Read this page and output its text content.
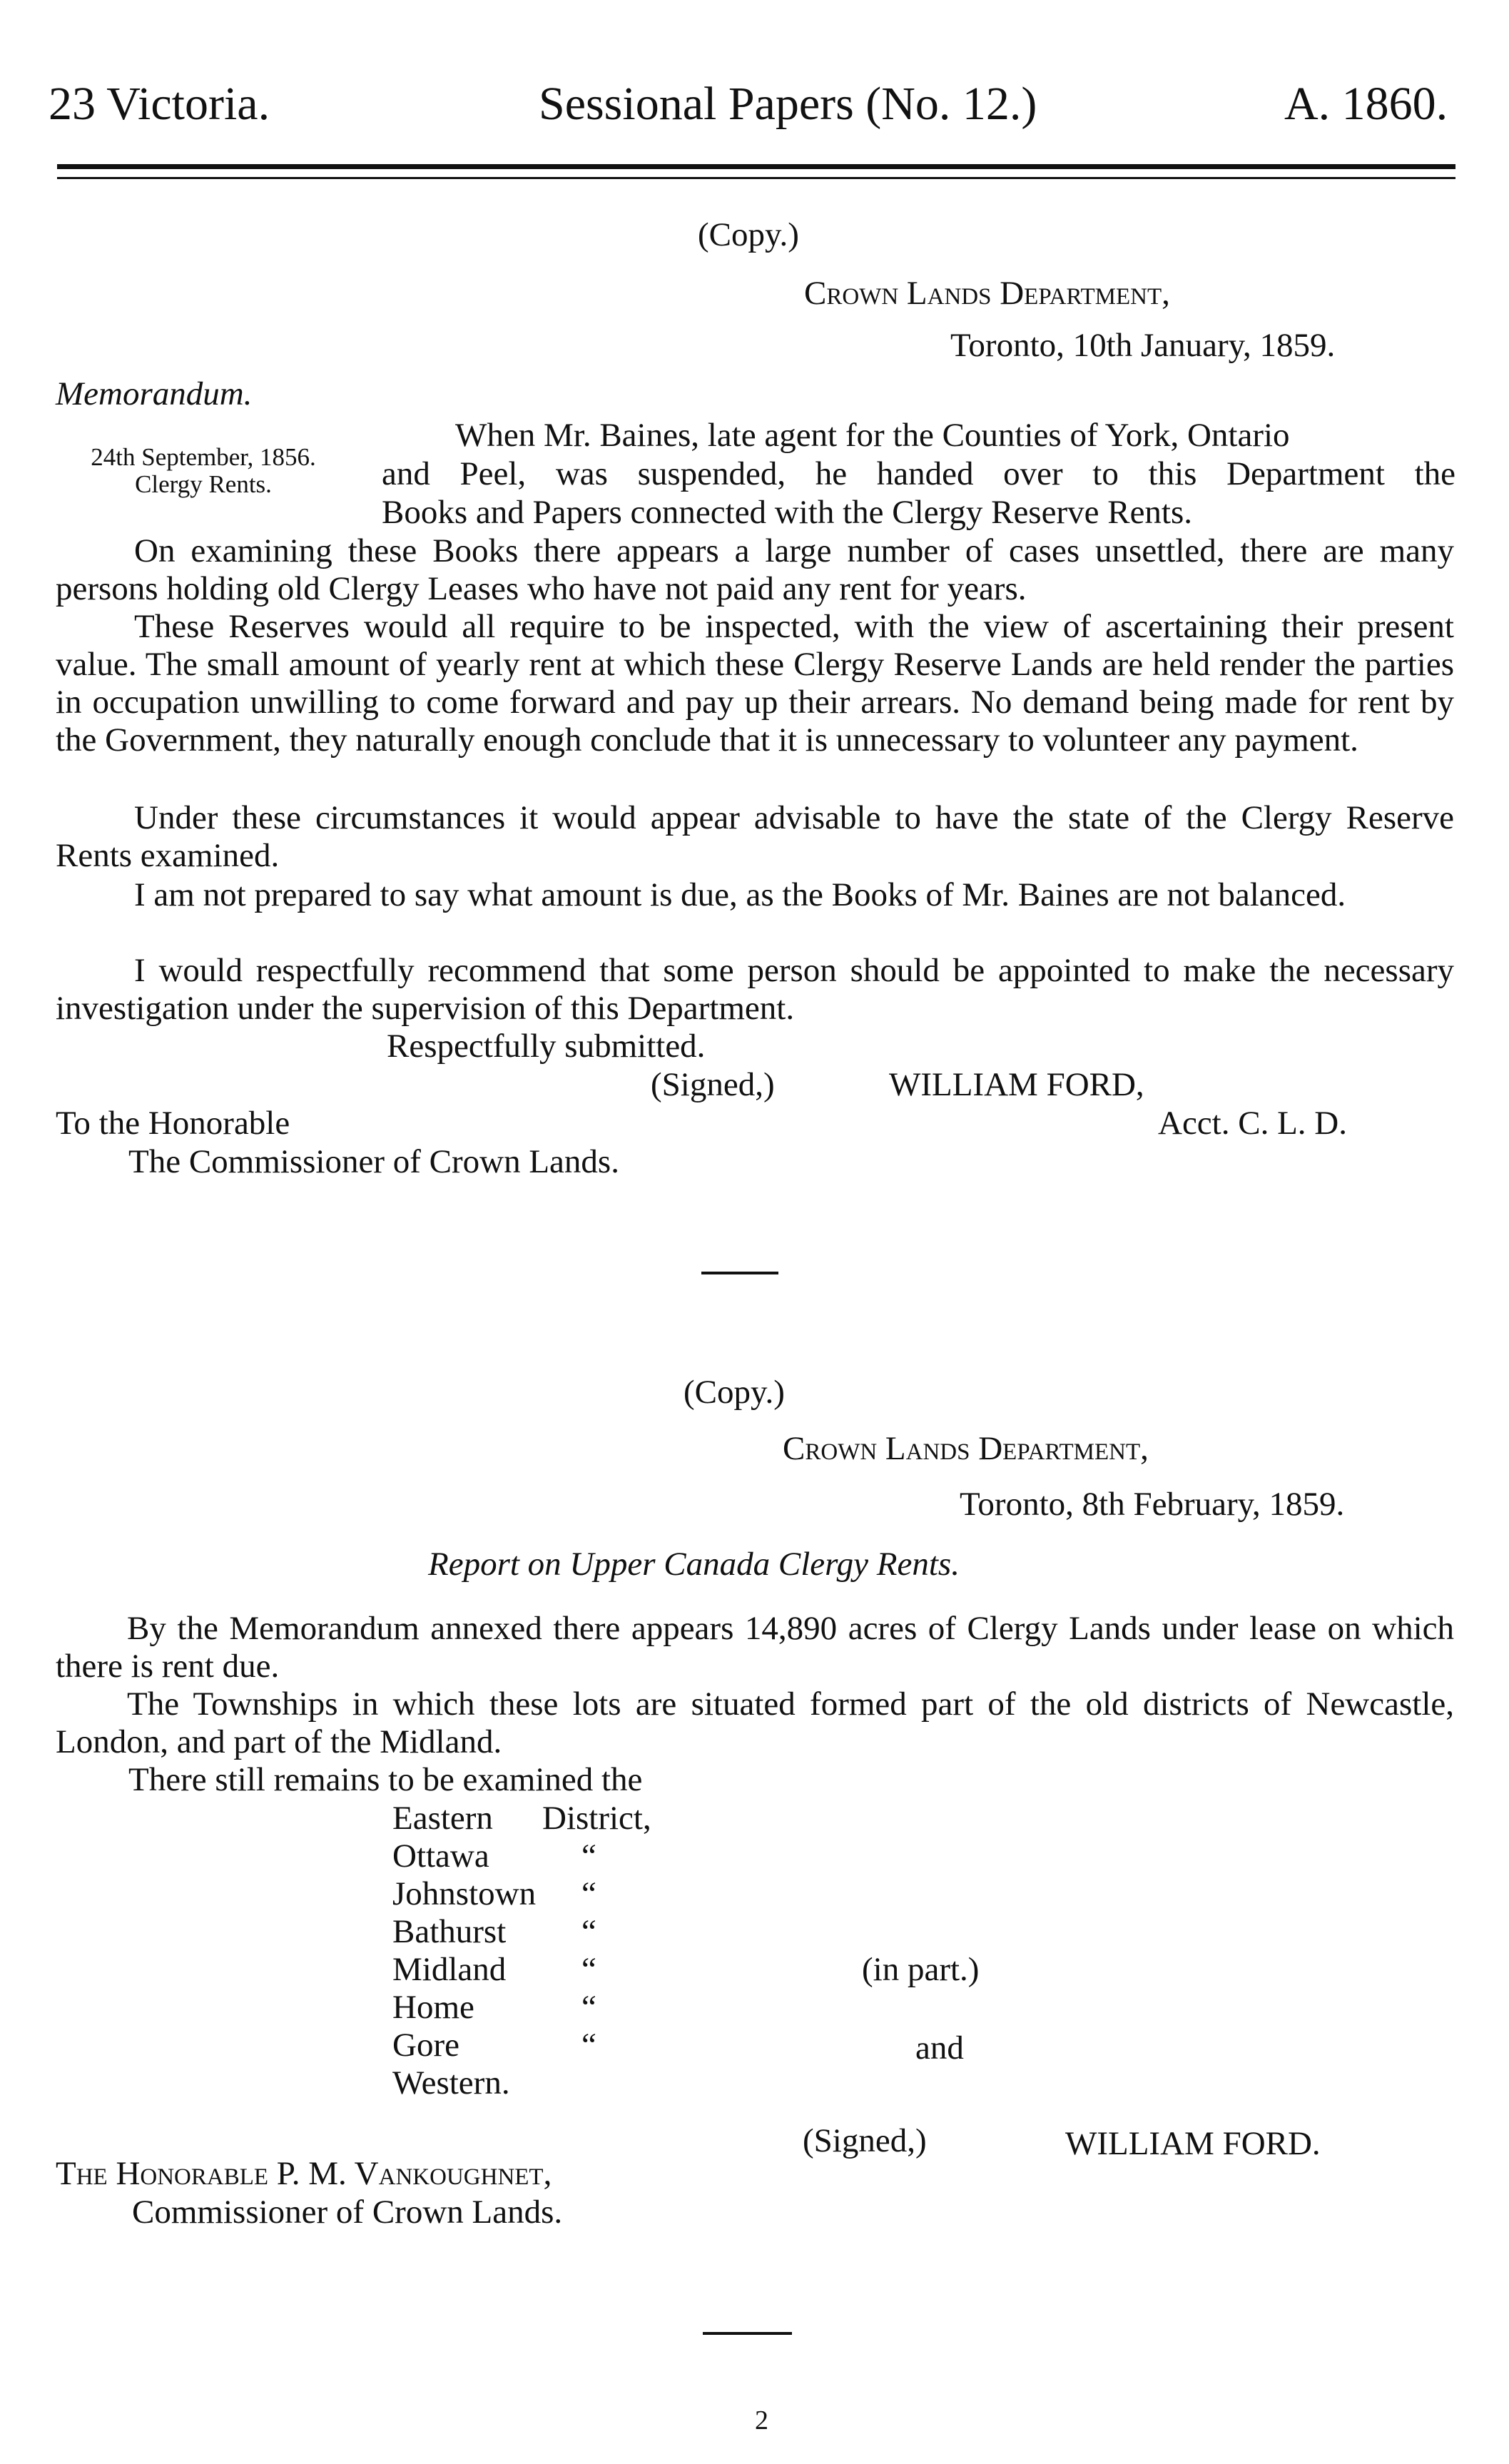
23 Victoria.	Sessional Papers (No. 12.)	A. 1860.
(Copy.)
Crown Lands Department,
Toronto, 10th January, 1859.
Memorandum.
24th September, 1856.
Clergy Rents.
When Mr. Baines, late agent for the Counties of York, Ontario
and Peel, was suspended, he handed over to this Department the
Books and Papers connected with the Clergy Reserve Rents.
On examining these Books there appears a large number of cases unsettled, there are many persons holding old Clergy Leases who have not paid any rent for years.
These Reserves would all require to be inspected, with the view of ascertaining their present value. The small amount of yearly rent at which these Clergy Reserve Lands are held render the parties in occupation unwilling to come forward and pay up their arrears. No demand being made for rent by the Government, they naturally enough conclude that it is unnecessary to volunteer any payment.
Under these circumstances it would appear advisable to have the state of the Clergy Reserve Rents examined.
I am not prepared to say what amount is due, as the Books of Mr. Baines are not balanced.
I would respectfully recommend that some person should be appointed to make the necessary investigation under the supervision of this Department.
Respectfully submitted.
(Signed,)	WILLIAM FORD,
Acct. C. L. D.
To the Honorable
The Commissioner of Crown Lands.
(Copy.)
Crown Lands Department,
Toronto, 8th February, 1859.
Report on Upper Canada Clergy Rents.
By the Memorandum annexed there appears 14,890 acres of Clergy Lands under lease on which there is rent due.
The Townships in which these lots are situated formed part of the old districts of Newcastle, London, and part of the Midland.
There still remains to be examined the
Eastern District,
Ottawa	“
Johnstown “
Bathurst “
Midland “
Home	“
Gore	“
Western.
(in part.)
and
(Signed,)	WILLIAM FORD.
The Honorable P. M. Vankoughnet,
Commissioner of Crown Lands.
2
